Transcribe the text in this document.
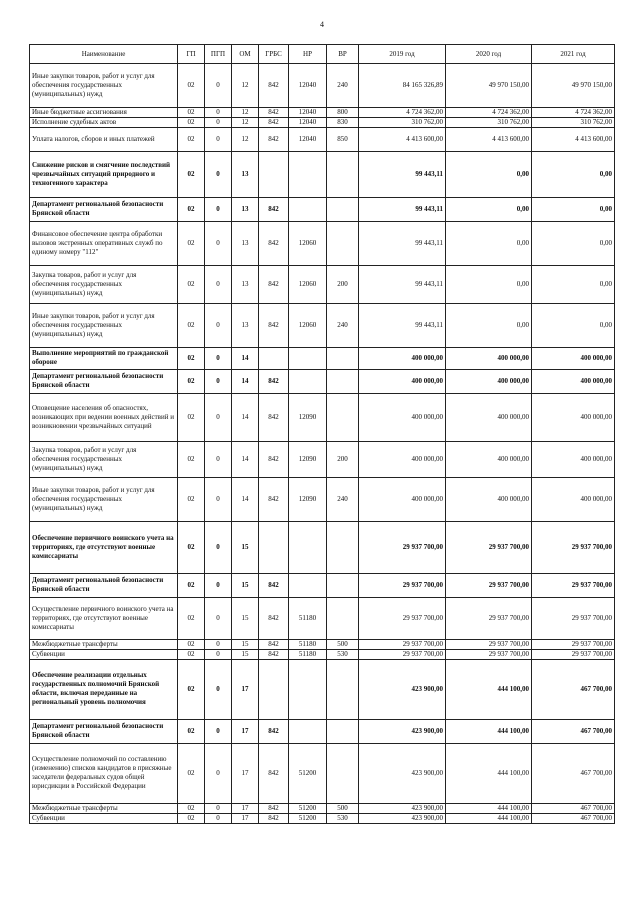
4
Наименование	ГП	ПГП	ОМ	ГРБС	НР	ВР	2019 год	2020 год	2021 год
Иные закупки товаров, работ и услуг для обеспечения государственных (муниципальных) нужд	02	0	12	842	12040	240	84 165 326,89	49 970 150,00	49 970 150,00
Иные бюджетные ассигнования	02	0	12	842	12040	800	4 724 362,00	4 724 362,00	4 724 362,00
Исполнение судебных актов	02	0	12	842	12040	830	310 762,00	310 762,00	310 762,00
Уплата налогов, сборов и иных платежей	02	0	12	842	12040	850	4 413 600,00	4 413 600,00	4 413 600,00
Снижение рисков и смягчение последствий чрезвычайных ситуаций природного и техногенного характера	02	0	13				99 443,11	0,00	0,00
Департамент региональной безопасности Брянской области	02	0	13	842			99 443,11	0,00	0,00
Финансовое обеспечение центра обработки вызовов экстренных оперативных служб по единому номеру "112"	02	0	13	842	12060		99 443,11	0,00	0,00
Закупка товаров, работ и услуг для обеспечения государственных (муниципальных) нужд	02	0	13	842	12060	200	99 443,11	0,00	0,00
Иные закупки товаров, работ и услуг для обеспечения государственных (муниципальных) нужд	02	0	13	842	12060	240	99 443,11	0,00	0,00
Выполнение мероприятий по гражданской обороне	02	0	14				400 000,00	400 000,00	400 000,00
Департамент региональной безопасности Брянской области	02	0	14	842			400 000,00	400 000,00	400 000,00
Оповещение населения об опасностях, возникающих при ведении военных действий и возникновении чрезвычайных ситуаций	02	0	14	842	12090		400 000,00	400 000,00	400 000,00
Закупка товаров, работ и услуг для обеспечения государственных (муниципальных) нужд	02	0	14	842	12090	200	400 000,00	400 000,00	400 000,00
Иные закупки товаров, работ и услуг для обеспечения государственных (муниципальных) нужд	02	0	14	842	12090	240	400 000,00	400 000,00	400 000,00
Обеспечение первичного воинского учета на территориях, где отсутствуют военные комиссариаты	02	0	15				29 937 700,00	29 937 700,00	29 937 700,00
Департамент региональной безопасности Брянской области	02	0	15	842			29 937 700,00	29 937 700,00	29 937 700,00
Осуществление первичного воинского учета на территориях, где отсутствуют военные комиссариаты	02	0	15	842	51180		29 937 700,00	29 937 700,00	29 937 700,00
Межбюджетные трансферты	02	0	15	842	51180	500	29 937 700,00	29 937 700,00	29 937 700,00
Субвенции	02	0	15	842	51180	530	29 937 700,00	29 937 700,00	29 937 700,00
Обеспечение реализации отдельных государственных полномочий Брянской области, включая переданные на региональный уровень полномочия	02	0	17				423 900,00	444 100,00	467 700,00
Департамент региональной безопасности Брянской области	02	0	17	842			423 900,00	444 100,00	467 700,00
Осуществление полномочий по составлению (изменению) списков кандидатов в присяжные заседатели федеральных судов общей юрисдикции в Российской Федерации	02	0	17	842	51200		423 900,00	444 100,00	467 700,00
Межбюджетные трансферты	02	0	17	842	51200	500	423 900,00	444 100,00	467 700,00
Субвенции	02	0	17	842	51200	530	423 900,00	444 100,00	467 700,00
